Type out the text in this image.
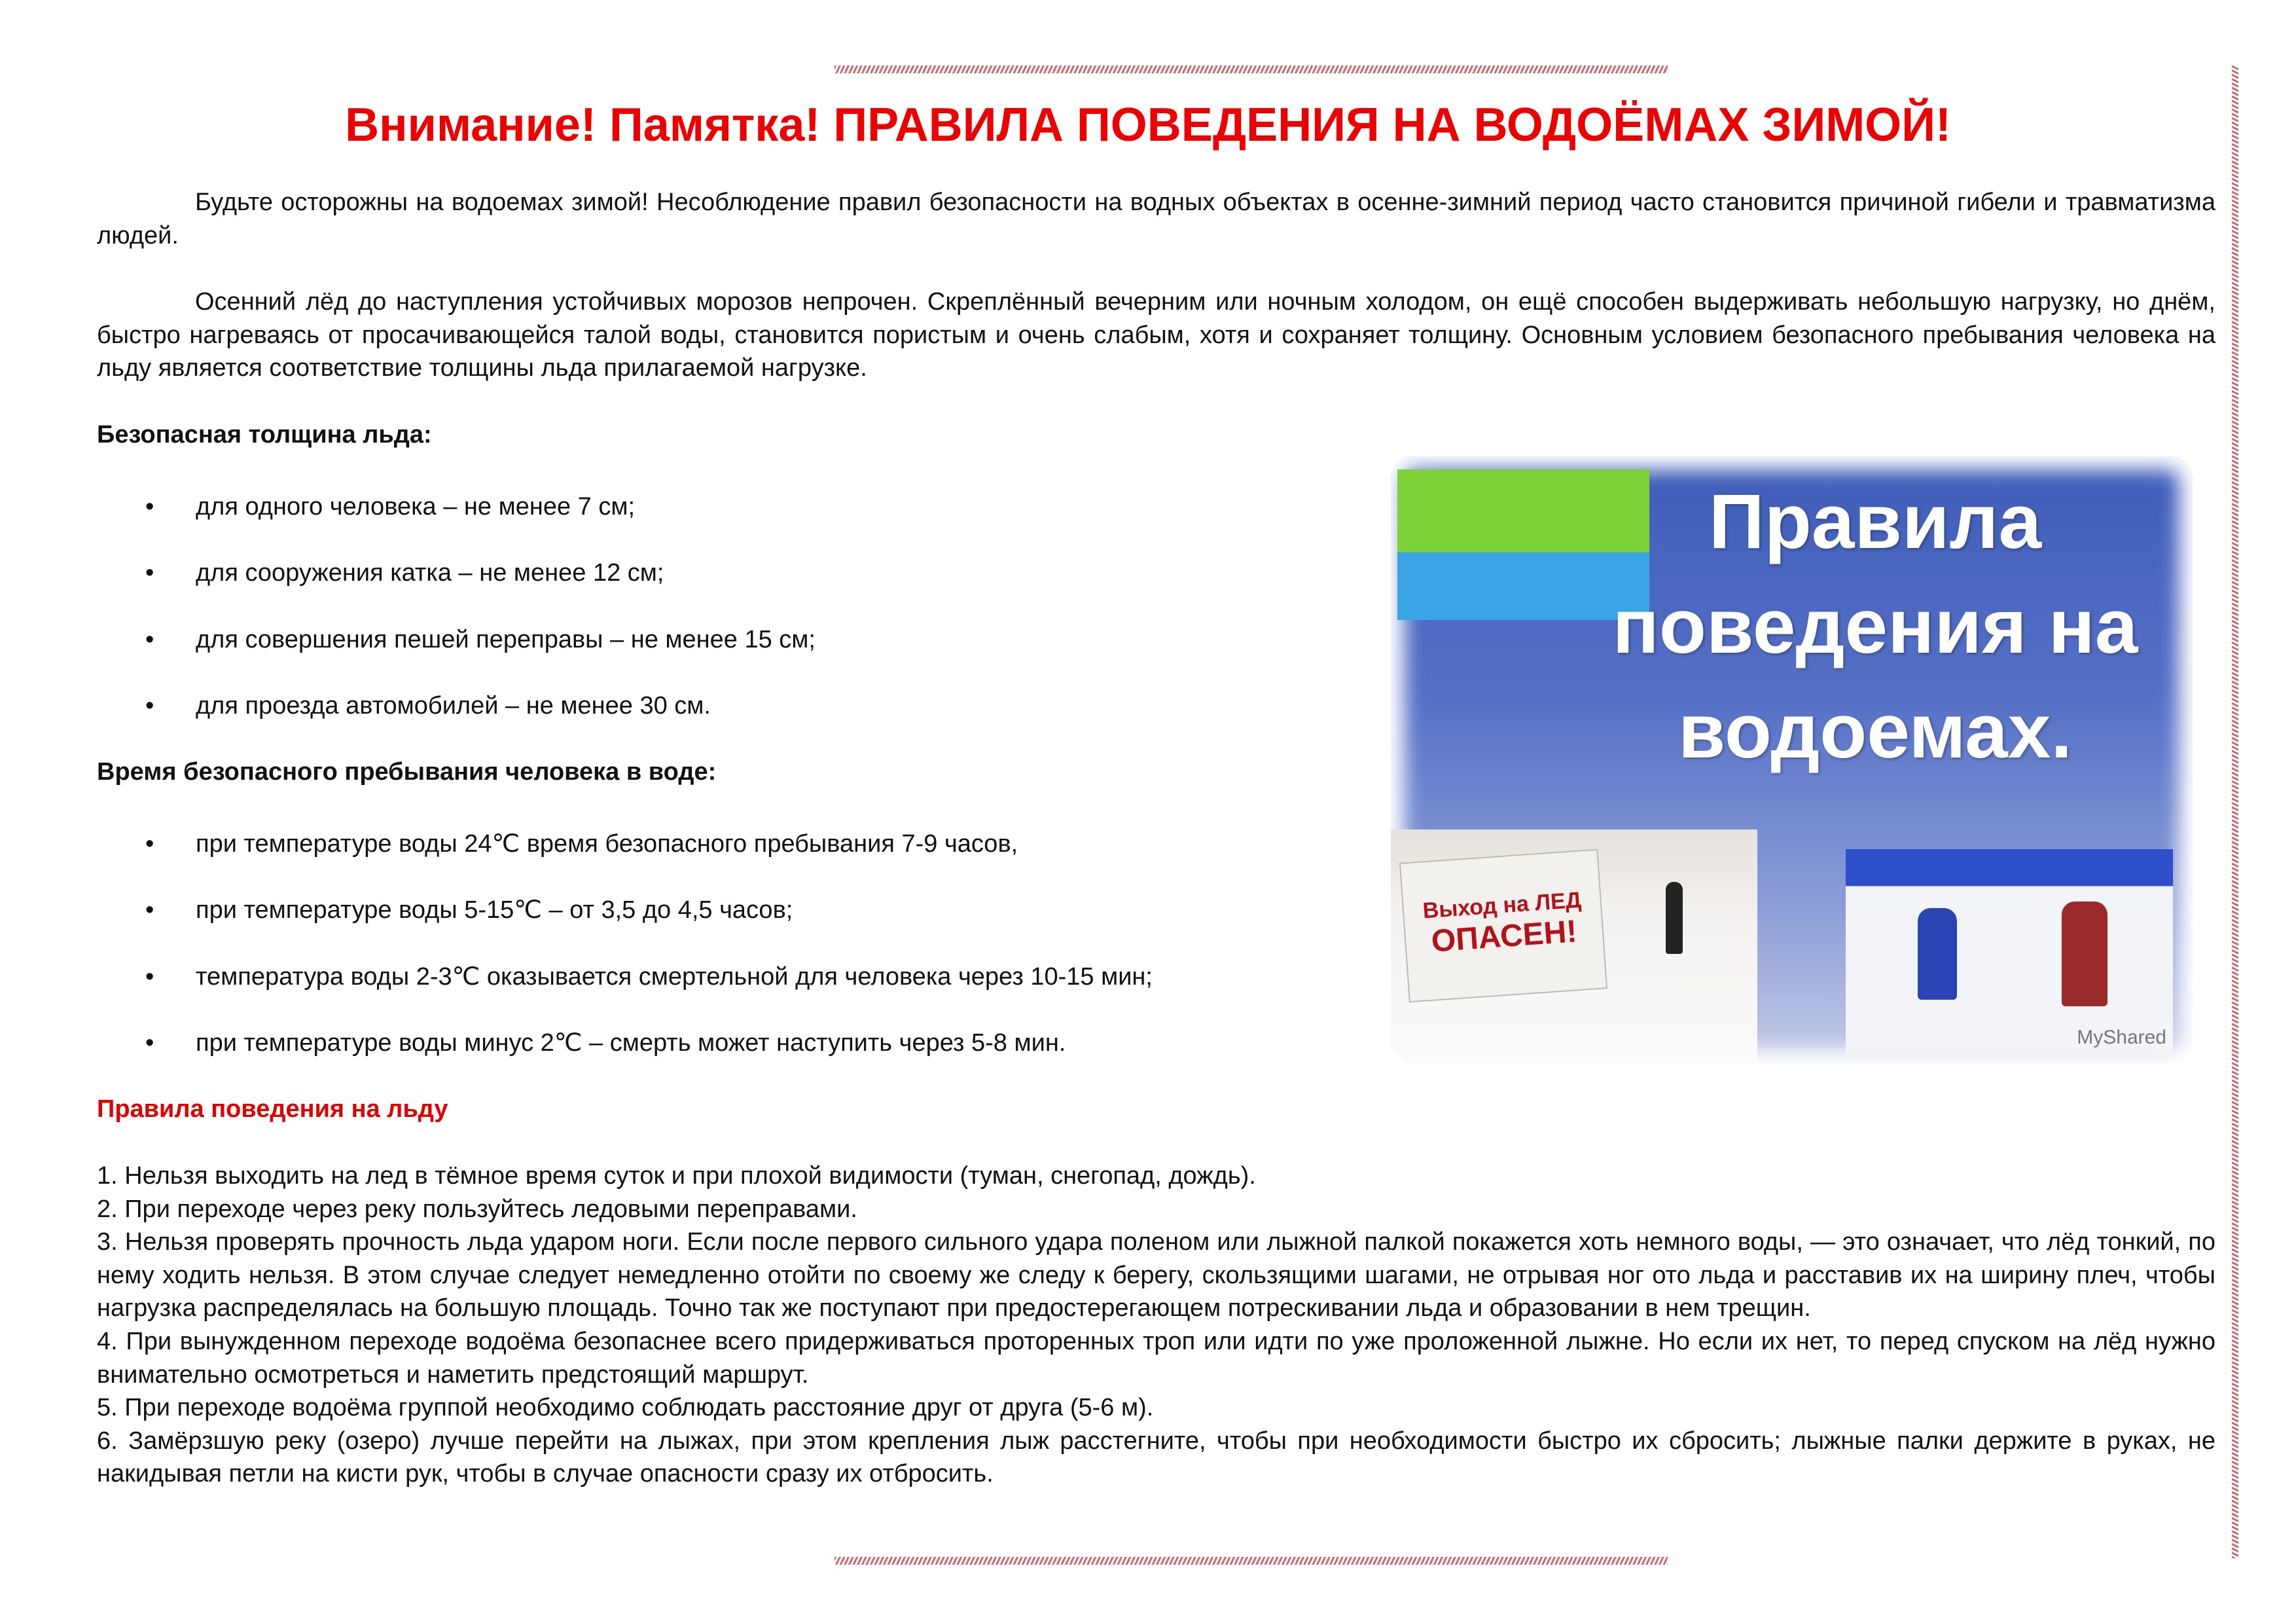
Внимание! Памятка! ПРАВИЛА ПОВЕДЕНИЯ НА ВОДОЁМАХ ЗИМОЙ!
Будьте осторожны на водоемах зимой! Несоблюдение правил безопасности на водных объектах в осенне-зимний период часто становится причиной гибели и травматизма людей.
Осенний лёд до наступления устойчивых морозов непрочен. Скреплённый вечерним или ночным холодом, он ещё способен выдерживать небольшую нагрузку, но днём, быстро нагреваясь от просачивающейся талой воды, становится пористым и очень слабым, хотя и сохраняет толщину. Основным условием безопасного пребывания человека на льду является соответствие толщины льда прилагаемой нагрузке.
Безопасная толщина льда:
• для одного человека – не менее 7 см;
• для сооружения катка – не менее 12 см;
• для совершения пешей переправы – не менее 15 см;
• для проезда автомобилей – не менее 30 см.
Время безопасного пребывания человека в воде:
• при температуре воды 24℃ время безопасного пребывания 7-9 часов,
• при температуре воды 5-15℃ – от 3,5 до 4,5 часов;
• температура воды 2-3℃ оказывается смертельной для человека через 10-15 мин;
• при температуре воды минус 2℃ – смерть может наступить через 5-8 мин.
Правила поведения на льду
1. Нельзя выходить на лед в тёмное время суток и при плохой видимости (туман, снегопад, дождь).
2. При переходе через реку пользуйтесь ледовыми переправами.
3. Нельзя проверять прочность льда ударом ноги. Если после первого сильного удара поленом или лыжной палкой покажется хоть немного воды, — это означает, что лёд тонкий, по нему ходить нельзя. В этом случае следует немедленно отойти по своему же следу к берегу, скользящими шагами, не отрывая ног ото льда и расставив их на ширину плеч, чтобы нагрузка распределялась на большую площадь. Точно так же поступают при предостерегающем потрескивании льда и образовании в нем трещин.
4. При вынужденном переходе водоёма безопаснее всего придерживаться проторенных троп или идти по уже проложенной лыжне. Но если их нет, то перед спуском на лёд нужно внимательно осмотреться и наметить предстоящий маршрут.
5. При переходе водоёма группой необходимо соблюдать расстояние друг от друга (5-6 м).
6. Замёрзшую реку (озеро) лучше перейти на лыжах, при этом крепления лыж расстегните, чтобы при необходимости быстро их сбросить; лыжные палки держите в руках, не накидывая петли на кисти рук, чтобы в случае опасности сразу их отбросить.
Выход на ЛЕД
ОПАСЕН!
MyShared
Правила
поведения на
водоемах.
